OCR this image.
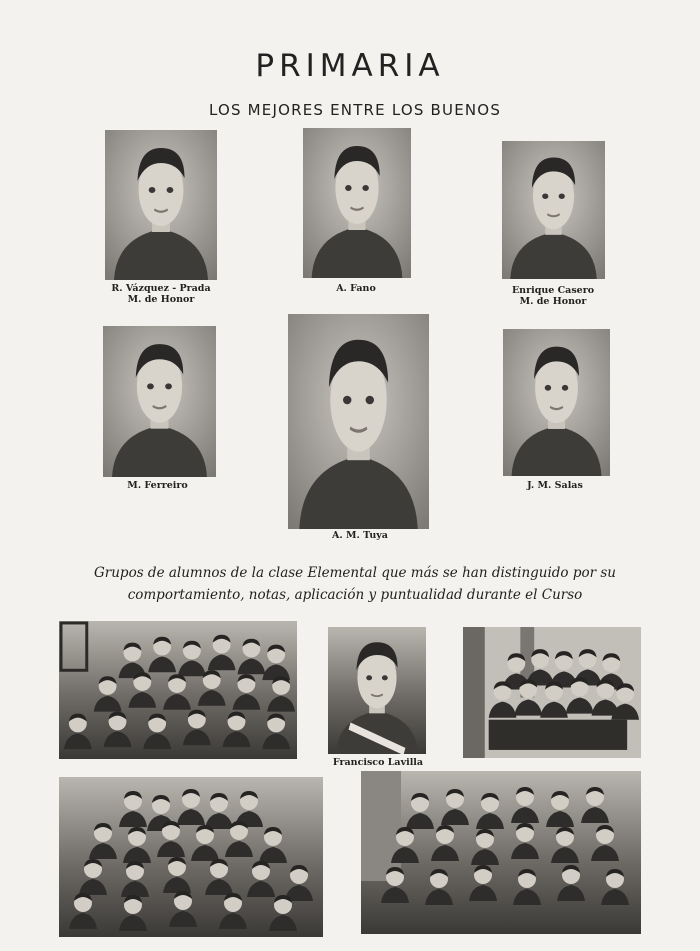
PRIMARIA
LOS MEJORES ENTRE LOS BUENOS
R. Vázquez - Prada
M. de Honor
A. Fano	Enrique Casero
M. de Honor
M. Ferreiro
A. M. Tuya
J. M. Salas
Grupos de alumnos de la clase Elemental que más se han distinguido por su
comportamiento, notas, aplicación y puntualidad durante el Curso
Francisco Lavilla
